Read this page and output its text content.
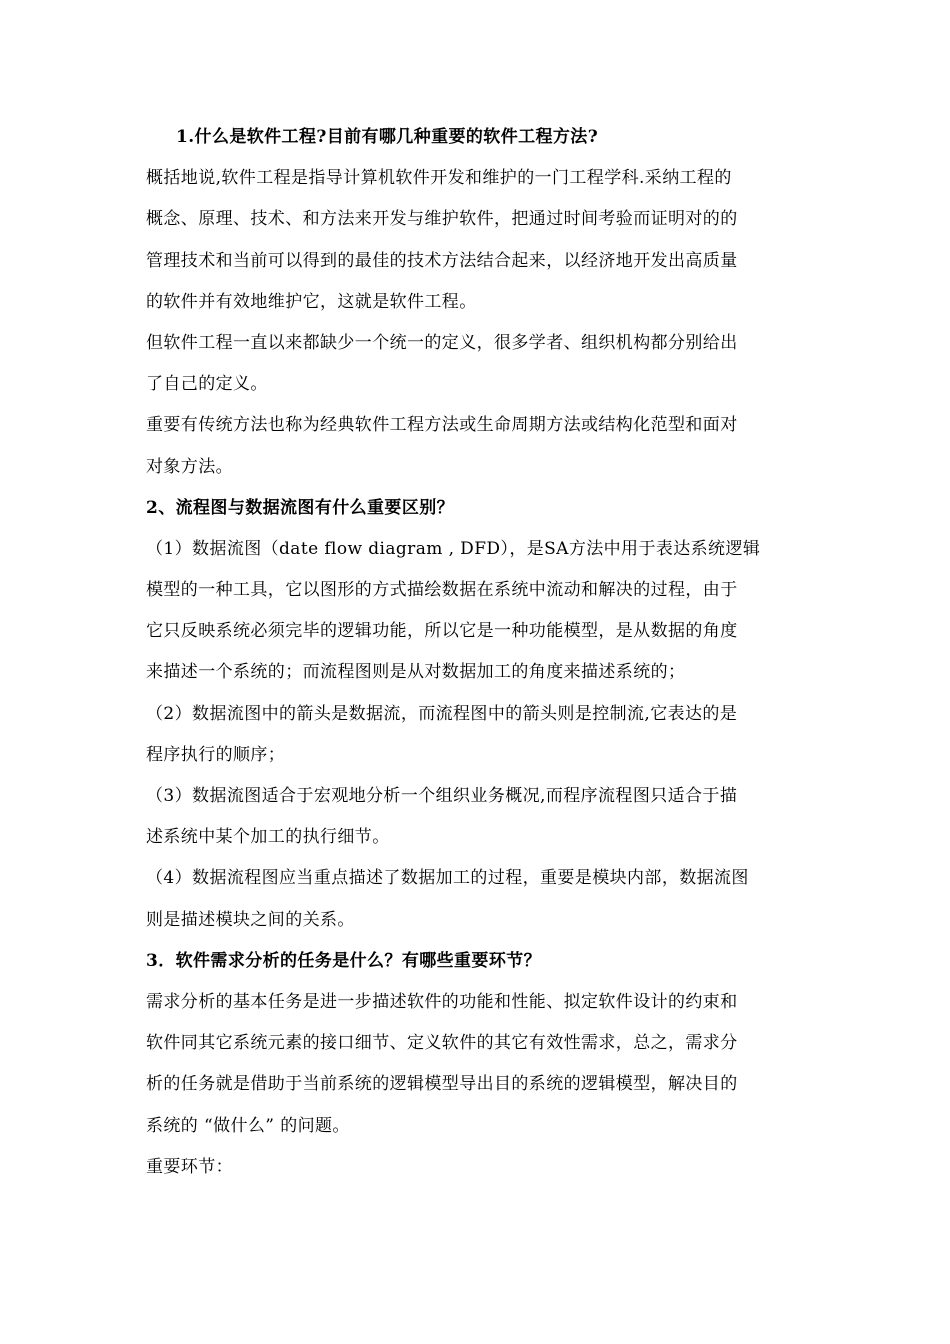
1.什么是软件工程?目前有哪几种重要的软件工程方法?
概括地说,软件工程是指导计算机软件开发和维护的一门工程学科.采纳工程的
概念、原理、技术、和方法来开发与维护软件，把通过时间考验而证明对的的
管理技术和当前可以得到的最佳的技术方法结合起来，以经济地开发出高质量
的软件并有效地维护它，这就是软件工程。
但软件工程一直以来都缺少一个统一的定义，很多学者、组织机构都分别给出
了自己的定义。
重要有传统方法也称为经典软件工程方法或生命周期方法或结构化范型和面对
对象方法。
2、流程图与数据流图有什么重要区别？
（1）数据流图（date flow diagram , DFD），是SA方法中用于表达系统逻辑
模型的一种工具，它以图形的方式描绘数据在系统中流动和解决的过程，由于
它只反映系统必须完毕的逻辑功能，所以它是一种功能模型，是从数据的角度
来描述一个系统的；而流程图则是从对数据加工的角度来描述系统的；
（2）数据流图中的箭头是数据流，而流程图中的箭头则是控制流,它表达的是
程序执行的顺序；
（3）数据流图适合于宏观地分析一个组织业务概况,而程序流程图只适合于描
述系统中某个加工的执行细节。
（4）数据流程图应当重点描述了数据加工的过程，重要是模块内部，数据流图
则是描述模块之间的关系。
3．软件需求分析的任务是什么？有哪些重要环节？
需求分析的基本任务是进一步描述软件的功能和性能、拟定软件设计的约束和
软件同其它系统元素的接口细节、定义软件的其它有效性需求，总之，需求分
析的任务就是借助于当前系统的逻辑模型导出目的系统的逻辑模型，解决目的
系统的 “做什么” 的问题。
重要环节：
